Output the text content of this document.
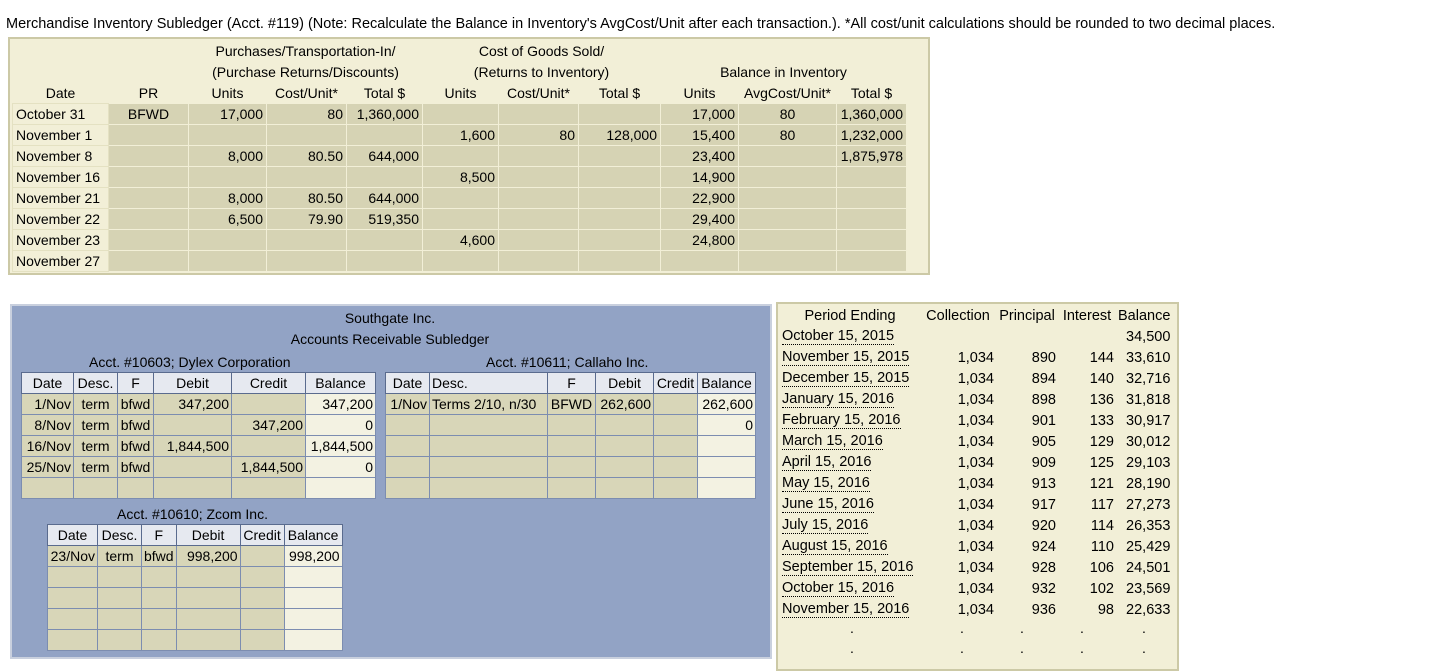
Merchandise Inventory Subledger (Acct. #119) (Note: Recalculate the Balance in Inventory's AvgCost/Unit after each transaction.). *All cost/unit calculations should be rounded to two decimal places.
		Purchases/Transportation-In/			Cost of Goods Sold/					
		(Purchase Returns/Discounts)			(Returns to Inventory)			Balance in Inventory		
Date	PR	Units	Cost/Unit*	Total $	Units	Cost/Unit*	Total $	Units	AvgCost/Unit*	Total $
October 31	BFWD	17,000	80	1,360,000				17,000	80	1,360,000
November 1					1,600	80	128,000	15,400	80	1,232,000
November 8		8,000	80.50	644,000				23,400		1,875,978
November 16					8,500			14,900		
November 21		8,000	80.50	644,000				22,900		
November 22		6,500	79.90	519,350				29,400		
November 23					4,600			24,800		
November 27										
Southgate Inc.
Accounts Receivable Subledger
Acct. #10603; Dylex Corporation
Date	Desc.	F	Debit	Credit	Balance
1/Nov	term	bfwd	347,200		347,200
8/Nov	term	bfwd		347,200	0
16/Nov	term	bfwd	1,844,500		1,844,500
25/Nov	term	bfwd		1,844,500	0

Acct. #10611; Callaho Inc.
Date	Desc.	F	Debit	Credit	Balance
1/Nov	Terms 2/10, n/30	BFWD	262,600		262,600
					0

Acct. #10610; Zcom Inc.
Date	Desc.	F	Debit	Credit	Balance
23/Nov	term	bfwd	998,200		998,200

Period Ending	Collection	Principal	Interest	Balance
October 15, 2015				34,500
November 15, 2015	1,034	890	144	33,610
December 15, 2015	1,034	894	140	32,716
January 15, 2016	1,034	898	136	31,818
February 15, 2016	1,034	901	133	30,917
March 15, 2016	1,034	905	129	30,012
April 15, 2016	1,034	909	125	29,103
May 15, 2016	1,034	913	121	28,190
June 15, 2016	1,034	917	117	27,273
July 15, 2016	1,034	920	114	26,353
August 15, 2016	1,034	924	110	25,429
September 15, 2016	1,034	928	106	24,501
October 15, 2016	1,034	932	102	23,569
November 15, 2016	1,034	936	98	22,633
.	.	.	.	.
.	.	.	.	.
